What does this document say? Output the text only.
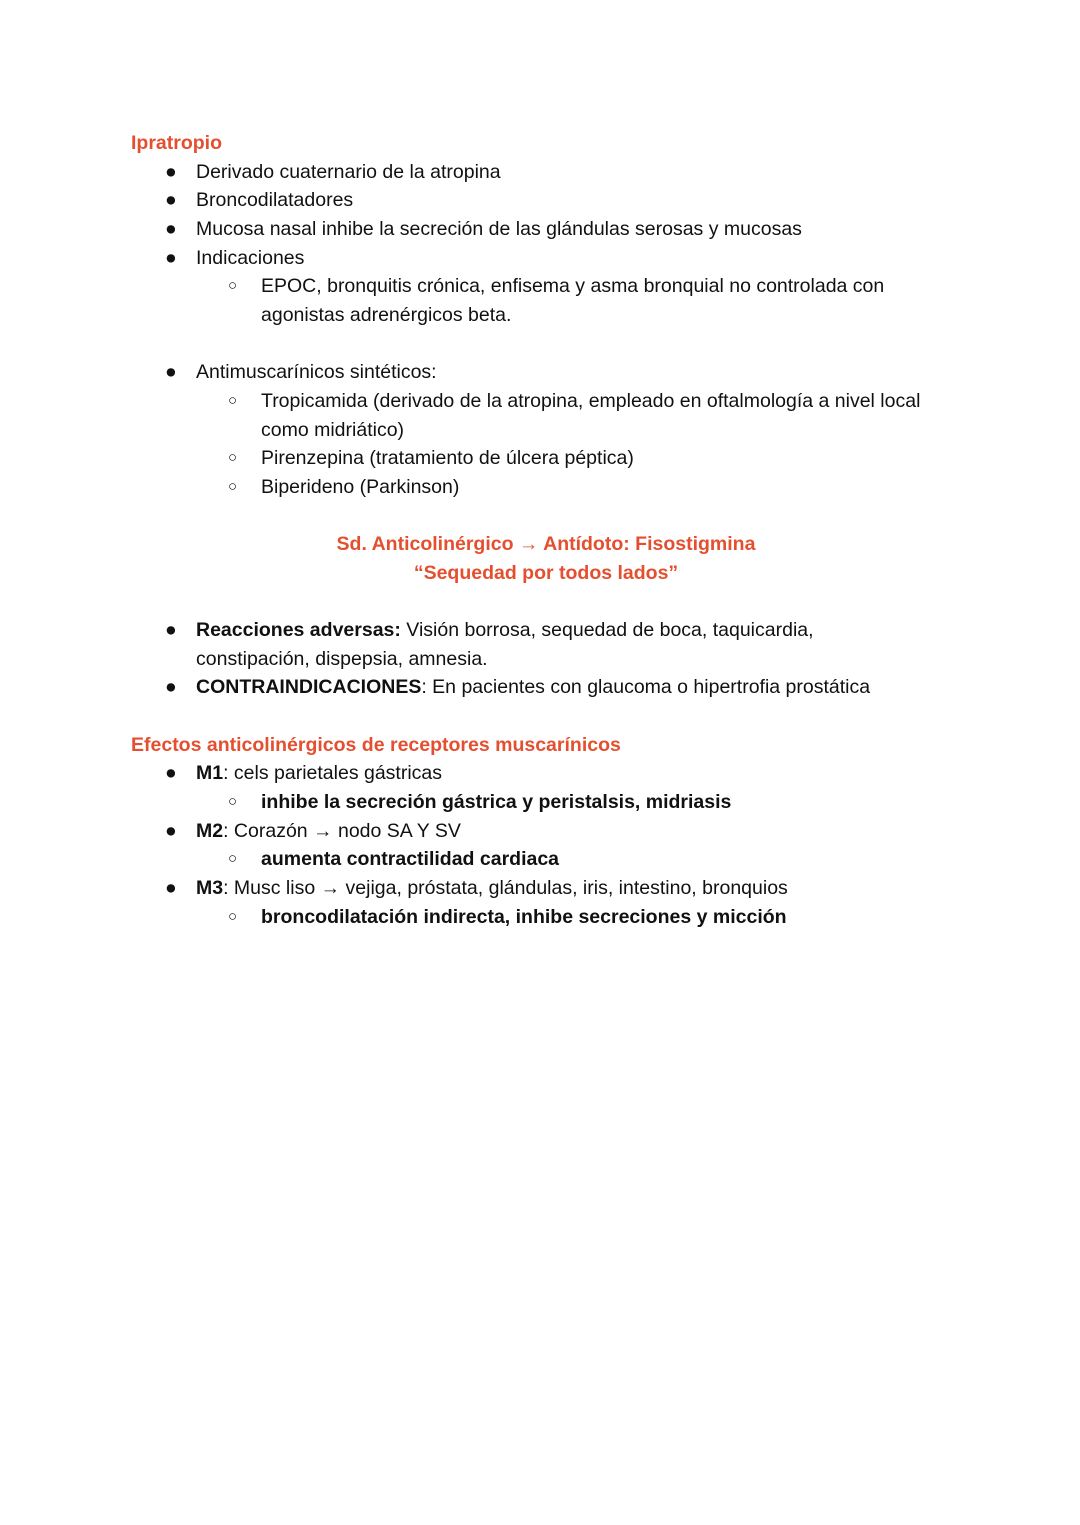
Ipratropio
● Derivado cuaternario de la atropina
● Broncodilatadores
● Mucosa nasal inhibe la secreción de las glándulas serosas y mucosas
● Indicaciones
○ EPOC, bronquitis crónica, enfisema y asma bronquial no controlada con agonistas adrenérgicos beta.
● Antimuscarínicos sintéticos:
○ Tropicamida (derivado de la atropina, empleado en oftalmología a nivel local como midriático)
○ Pirenzepina (tratamiento de úlcera péptica)
○ Biperideno (Parkinson)
Sd. Anticolinérgico → Antídoto: Fisostigmina
“Sequedad por todos lados”
● Reacciones adversas: Visión borrosa, sequedad de boca, taquicardia, constipación, dispepsia, amnesia.
● CONTRAINDICACIONES: En pacientes con glaucoma o hipertrofia prostática
Efectos anticolinérgicos de receptores muscarínicos
● M1: cels parietales gástricas
○ inhibe la secreción gástrica y peristalsis, midriasis
● M2: Corazón → nodo SA Y SV
○ aumenta contractilidad cardiaca
● M3: Musc liso → vejiga, próstata, glándulas, iris, intestino, bronquios
○ broncodilatación indirecta, inhibe secreciones y micción
